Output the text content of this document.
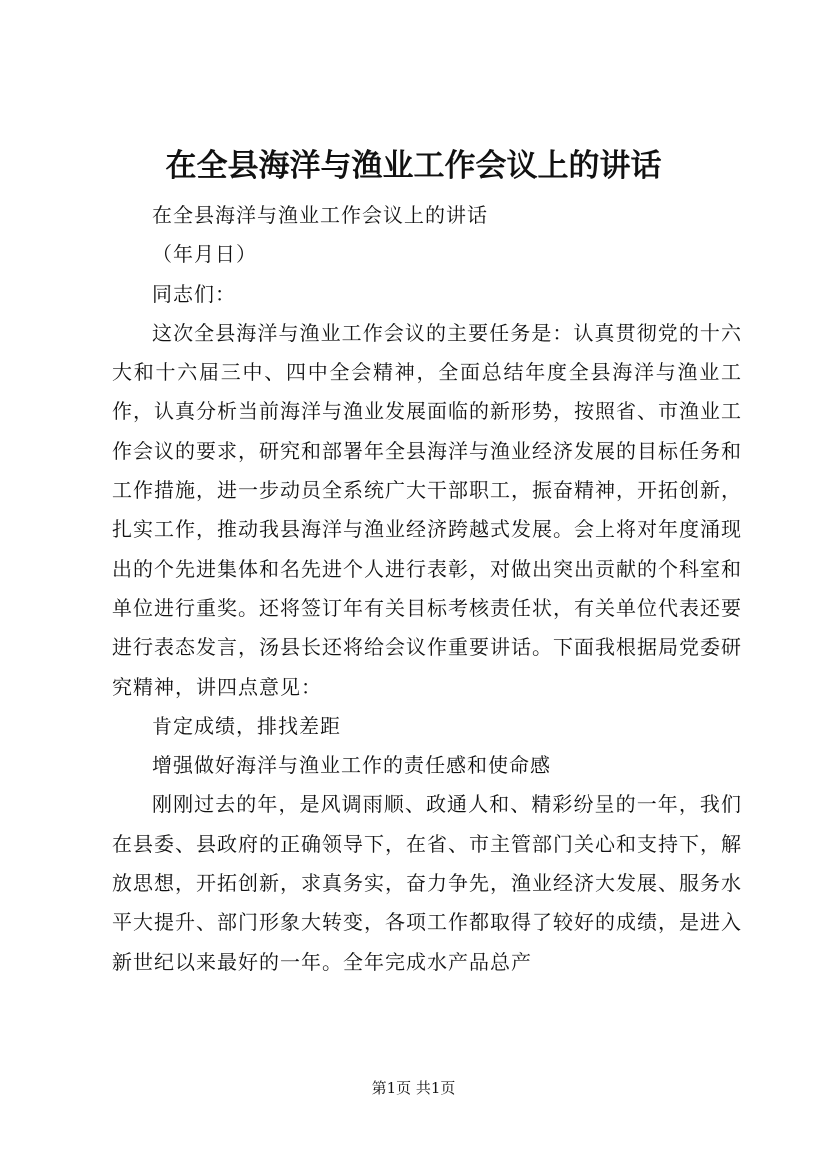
在全县海洋与渔业工作会议上的讲话

在全县海洋与渔业工作会议上的讲话

（年月日）

同志们：

这次全县海洋与渔业工作会议的主要任务是：认真贯彻党的十六大和十六届三中、四中全会精神，全面总结年度全县海洋与渔业工作，认真分析当前海洋与渔业发展面临的新形势，按照省、市渔业工作会议的要求，研究和部署年全县海洋与渔业经济发展的目标任务和工作措施，进一步动员全系统广大干部职工，振奋精神，开拓创新，扎实工作，推动我县海洋与渔业经济跨越式发展。会上将对年度涌现出的个先进集体和名先进个人进行表彰，对做出突出贡献的个科室和单位进行重奖。还将签订年有关目标考核责任状，有关单位代表还要进行表态发言，汤县长还将给会议作重要讲话。下面我根据局党委研究精神，讲四点意见：

肯定成绩，排找差距

增强做好海洋与渔业工作的责任感和使命感

刚刚过去的年，是风调雨顺、政通人和、精彩纷呈的一年，我们在县委、县政府的正确领导下，在省、市主管部门关心和支持下，解放思想，开拓创新，求真务实，奋力争先，渔业经济大发展、服务水平大提升、部门形象大转变，各项工作都取得了较好的成绩，是进入新世纪以来最好的一年。全年完成水产品总产

第1页 共1页
